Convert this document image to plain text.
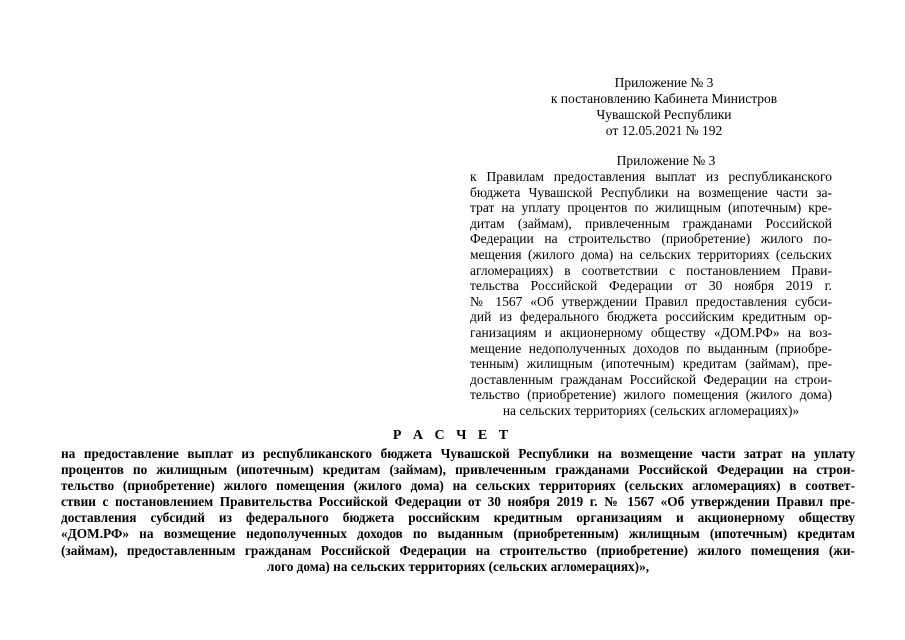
Приложение № 3
к постановлению Кабинета Министров
Чувашской Республики
от 12.05.2021 № 192
Приложение № 3
к Правилам предоставления выплат из республиканского
бюджета Чувашской Республики на возмещение части за-
трат на уплату процентов по жилищным (ипотечным) кре-
дитам (займам), привлеченным гражданами Российской
Федерации на строительство (приобретение) жилого по-
мещения (жилого дома) на сельских территориях (сельских
агломерациях) в соответствии с постановлением Прави-
тельства Российской Федерации от 30 ноября 2019 г.
№ 1567 «Об утверждении Правил предоставления субси-
дий из федерального бюджета российским кредитным ор-
ганизациям и акционерному обществу «ДОМ.РФ» на воз-
мещение недополученных доходов по выданным (приобре-
тенным) жилищным (ипотечным) кредитам (займам), пре-
доставленным гражданам Российской Федерации на строи-
тельство (приобретение) жилого помещения (жилого дома)
на сельских территориях (сельских агломерациях)»
Р А С Ч Е Т
на предоставление выплат из республиканского бюджета Чувашской Республики на возмещение части затрат на уплату
процентов по жилищным (ипотечным) кредитам (займам), привлеченным гражданами Российской Федерации на строи-
тельство (приобретение) жилого помещения (жилого дома) на сельских территориях (сельских агломерациях) в соответ-
ствии с постановлением Правительства Российской Федерации от 30 ноября 2019 г. № 1567 «Об утверждении Правил пре-
доставления субсидий из федерального бюджета российским кредитным организациям и акционерному обществу
«ДОМ.РФ» на возмещение недополученных доходов по выданным (приобретенным) жилищным (ипотечным) кредитам
(займам), предоставленным гражданам Российской Федерации на строительство (приобретение) жилого помещения (жи-
лого дома) на сельских территориях (сельских агломерациях)»,
